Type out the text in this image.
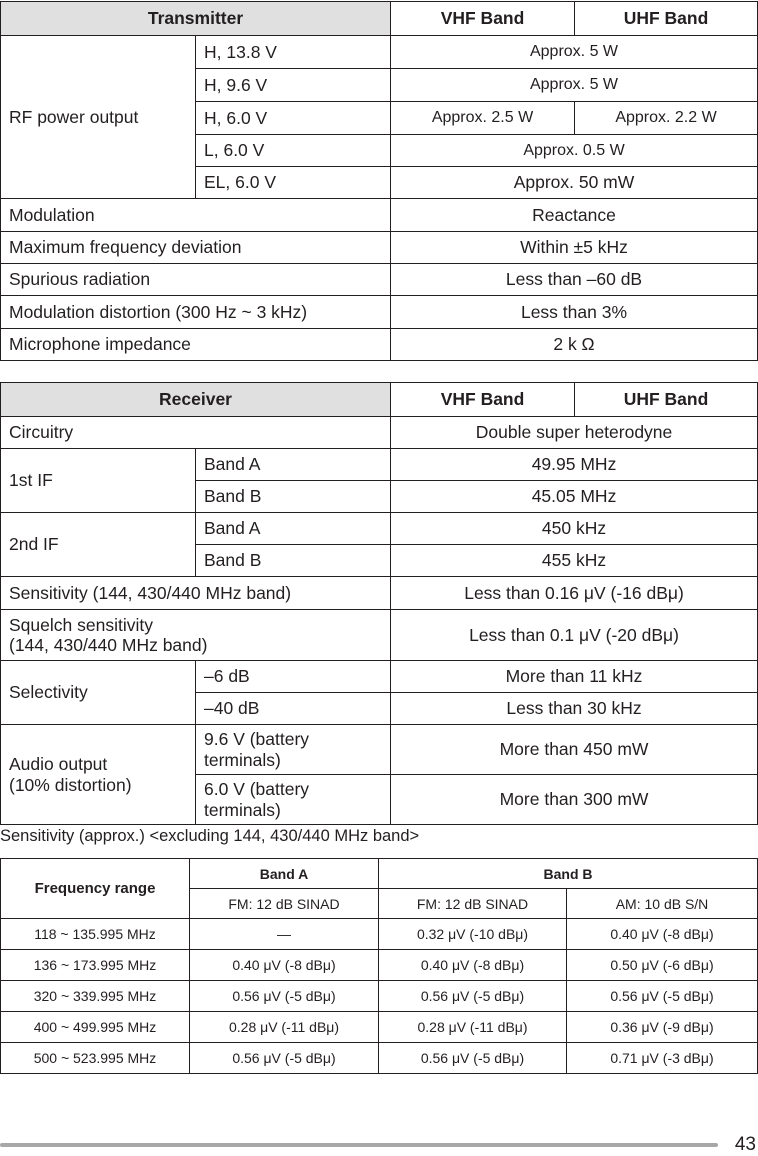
Transmitter		VHF Band	UHF Band
RF power output	H, 13.8 V	Approx. 5 W	
	H, 9.6 V	Approx. 5 W	
	H, 6.0 V	Approx. 2.5 W	Approx. 2.2 W
	L, 6.0 V	Approx. 0.5 W	
	EL, 6.0 V	Approx. 50 mW	
Modulation		Reactance	
Maximum frequency deviation		Within ±5 kHz	
Spurious radiation		Less than –60 dB	
Modulation distortion (300 Hz ~ 3 kHz)		Less than 3%	
Microphone impedance		2 k Ω	
Receiver		VHF Band	UHF Band
Circuitry		Double super heterodyne	
1st IF	Band A	49.95 MHz	
	Band B	45.05 MHz	
2nd IF	Band A	450 kHz	
	Band B	455 kHz	
Sensitivity (144, 430/440 MHz band)		Less than 0.16 μV (-16 dBμ)	
Squelch sensitivity
(144, 430/440 MHz band)		Less than 0.1 μV (-20 dBμ)	
Selectivity	–6 dB	More than 11 kHz	
	–40 dB	Less than 30 kHz	
Audio output
(10% distortion)	9.6 V (battery
terminals)	More than 450 mW	
	6.0 V (battery
terminals)	More than 300 mW	
Sensitivity (approx.) <excluding 144, 430/440 MHz band>
Frequency range	Band A	Band B	
	FM: 12 dB SINAD	FM: 12 dB SINAD	AM: 10 dB S/N
118 ~ 135.995 MHz	—	0.32 μV (-10 dBμ)	0.40 μV (-8 dBμ)
136 ~ 173.995 MHz	0.40 μV (-8 dBμ)	0.40 μV (-8 dBμ)	0.50 μV (-6 dBμ)
320 ~ 339.995 MHz	0.56 μV (-5 dBμ)	0.56 μV (-5 dBμ)	0.56 μV (-5 dBμ)
400 ~ 499.995 MHz	0.28 μV (-11 dBμ)	0.28 μV (-11 dBμ)	0.36 μV (-9 dBμ)
500 ~ 523.995 MHz	0.56 μV (-5 dBμ)	0.56 μV (-5 dBμ)	0.71 μV (-3 dBμ)
43
